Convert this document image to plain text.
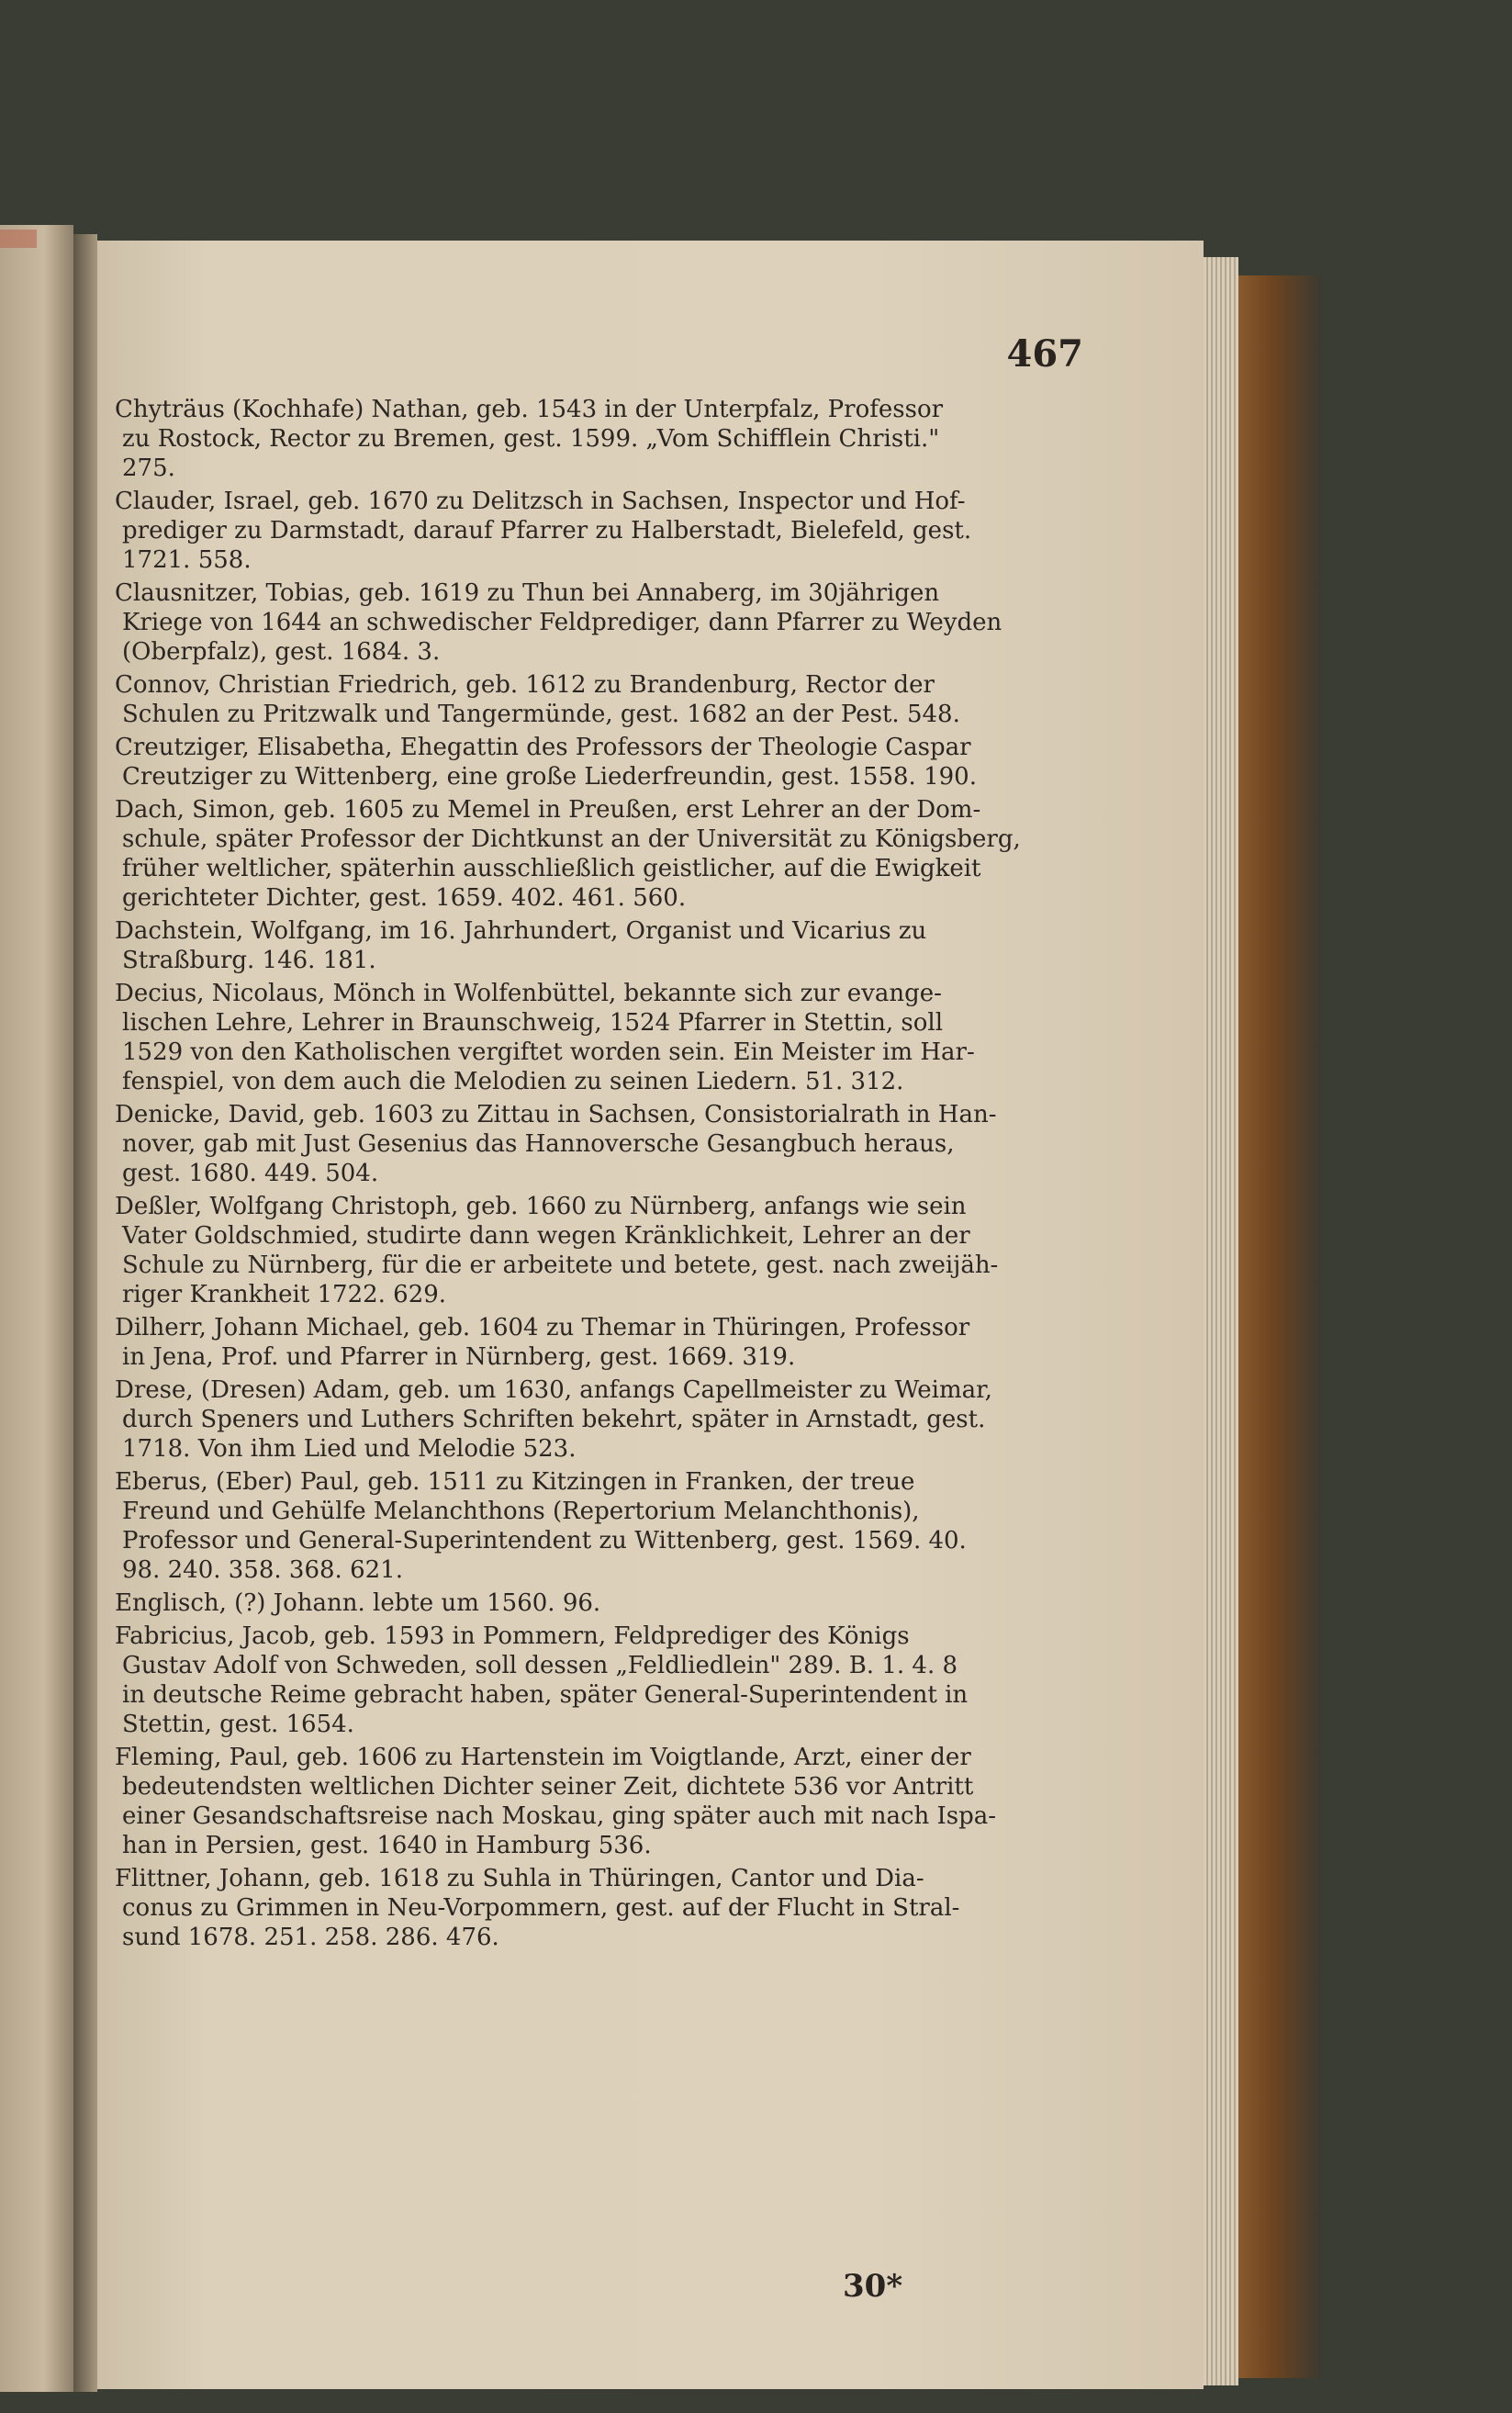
467
Chyträus (Kochhafe) Nathan, geb. 1543 in der Unterpfalz, Professor
zu Rostock, Rector zu Bremen, gest. 1599. „Vom Schifflein Christi."
275.
Clauder, Israel, geb. 1670 zu Delitzsch in Sachsen, Inspector und Hof-
prediger zu Darmstadt, darauf Pfarrer zu Halberstadt, Bielefeld, gest.
1721. 558.
Clausnitzer, Tobias, geb. 1619 zu Thun bei Annaberg, im 30jährigen
Kriege von 1644 an schwedischer Feldprediger, dann Pfarrer zu Weyden
(Oberpfalz), gest. 1684. 3.
Connov, Christian Friedrich, geb. 1612 zu Brandenburg, Rector der
Schulen zu Pritzwalk und Tangermünde, gest. 1682 an der Pest. 548.
Creutziger, Elisabetha, Ehegattin des Professors der Theologie Caspar
Creutziger zu Wittenberg, eine große Liederfreundin, gest. 1558. 190.
Dach, Simon, geb. 1605 zu Memel in Preußen, erst Lehrer an der Dom-
schule, später Professor der Dichtkunst an der Universität zu Königsberg,
früher weltlicher, späterhin ausschließlich geistlicher, auf die Ewigkeit
gerichteter Dichter, gest. 1659. 402. 461. 560.
Dachstein, Wolfgang, im 16. Jahrhundert, Organist und Vicarius zu
Straßburg. 146. 181.
Decius, Nicolaus, Mönch in Wolfenbüttel, bekannte sich zur evange-
lischen Lehre, Lehrer in Braunschweig, 1524 Pfarrer in Stettin, soll
1529 von den Katholischen vergiftet worden sein. Ein Meister im Har-
fenspiel, von dem auch die Melodien zu seinen Liedern. 51. 312.
Denicke, David, geb. 1603 zu Zittau in Sachsen, Consistorialrath in Han-
nover, gab mit Just Gesenius das Hannoversche Gesangbuch heraus,
gest. 1680. 449. 504.
Deßler, Wolfgang Christoph, geb. 1660 zu Nürnberg, anfangs wie sein
Vater Goldschmied, studirte dann wegen Kränklichkeit, Lehrer an der
Schule zu Nürnberg, für die er arbeitete und betete, gest. nach zweijäh-
riger Krankheit 1722. 629.
Dilherr, Johann Michael, geb. 1604 zu Themar in Thüringen, Professor
in Jena, Prof. und Pfarrer in Nürnberg, gest. 1669. 319.
Drese, (Dresen) Adam, geb. um 1630, anfangs Capellmeister zu Weimar,
durch Speners und Luthers Schriften bekehrt, später in Arnstadt, gest.
1718. Von ihm Lied und Melodie 523.
Eberus, (Eber) Paul, geb. 1511 zu Kitzingen in Franken, der treue
Freund und Gehülfe Melanchthons (Repertorium Melanchthonis),
Professor und General-Superintendent zu Wittenberg, gest. 1569. 40.
98. 240. 358. 368. 621.
Englisch, (?) Johann. lebte um 1560. 96.
Fabricius, Jacob, geb. 1593 in Pommern, Feldprediger des Königs
Gustav Adolf von Schweden, soll dessen „Feldliedlein" 289. B. 1. 4. 8
in deutsche Reime gebracht haben, später General-Superintendent in
Stettin, gest. 1654.
Fleming, Paul, geb. 1606 zu Hartenstein im Voigtlande, Arzt, einer der
bedeutendsten weltlichen Dichter seiner Zeit, dichtete 536 vor Antritt
einer Gesandschaftsreise nach Moskau, ging später auch mit nach Ispa-
han in Persien, gest. 1640 in Hamburg 536.
Flittner, Johann, geb. 1618 zu Suhla in Thüringen, Cantor und Dia-
conus zu Grimmen in Neu-Vorpommern, gest. auf der Flucht in Stral-
sund 1678. 251. 258. 286. 476.
30*
